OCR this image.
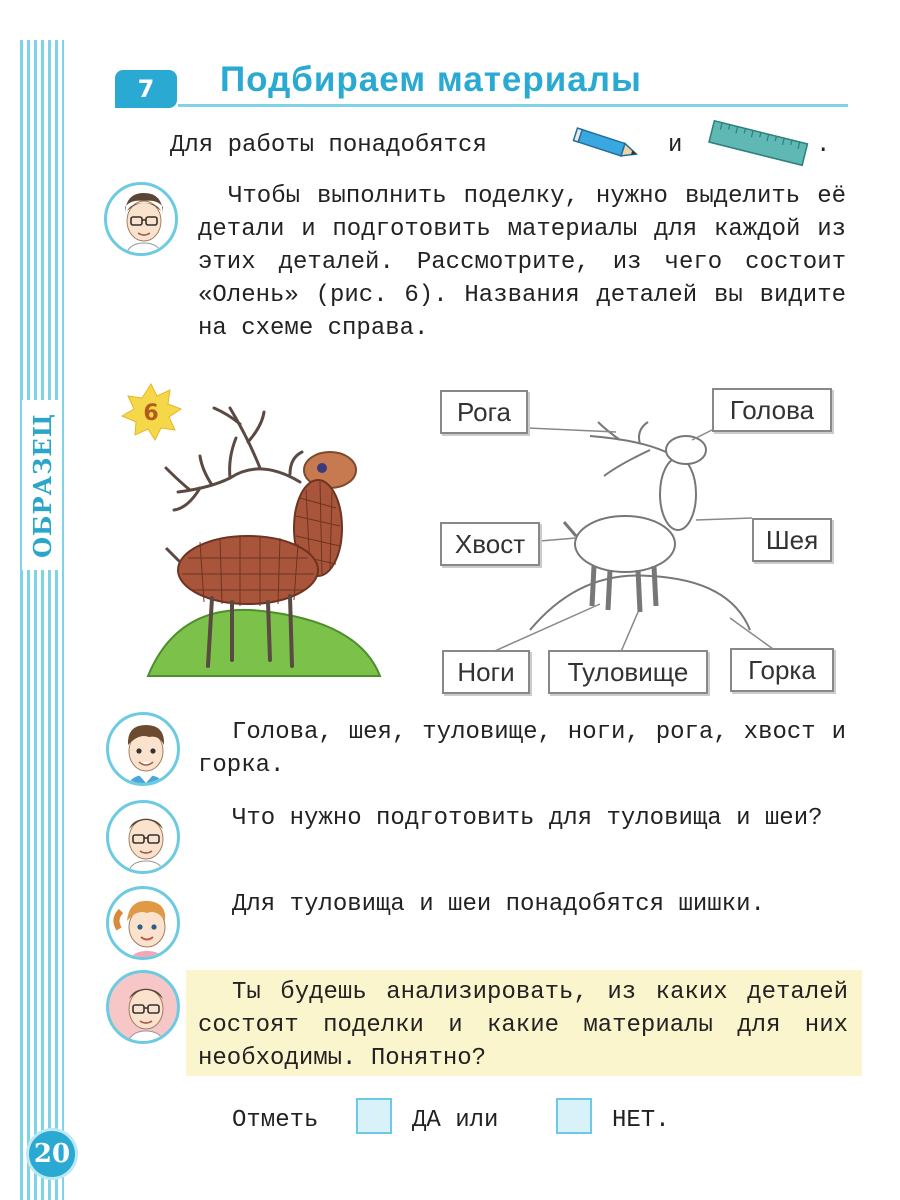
ОБРАЗЕЦ
20
7	Подбираем материалы
Для работы понадобятся	и	.
Чтобы выполнить поделку, нужно выделить её детали и подготовить материалы для каждой из этих деталей. Рассмотрите, из чего состоит «Олень» (рис. 6). Названия деталей вы видите на схеме справа.
6	Рога	Голова
Хвост	Шея
Ноги	Туловище	Горка
Голова, шея, туловище, ноги, рога, хвост и горка.
Что нужно подготовить для туловища и шеи?
Для туловища и шеи понадобятся шишки.
Ты будешь анализировать, из каких деталей состоят поделки и какие материалы для них необходимы. Понятно?
Отметь	ДА или	НЕТ.
